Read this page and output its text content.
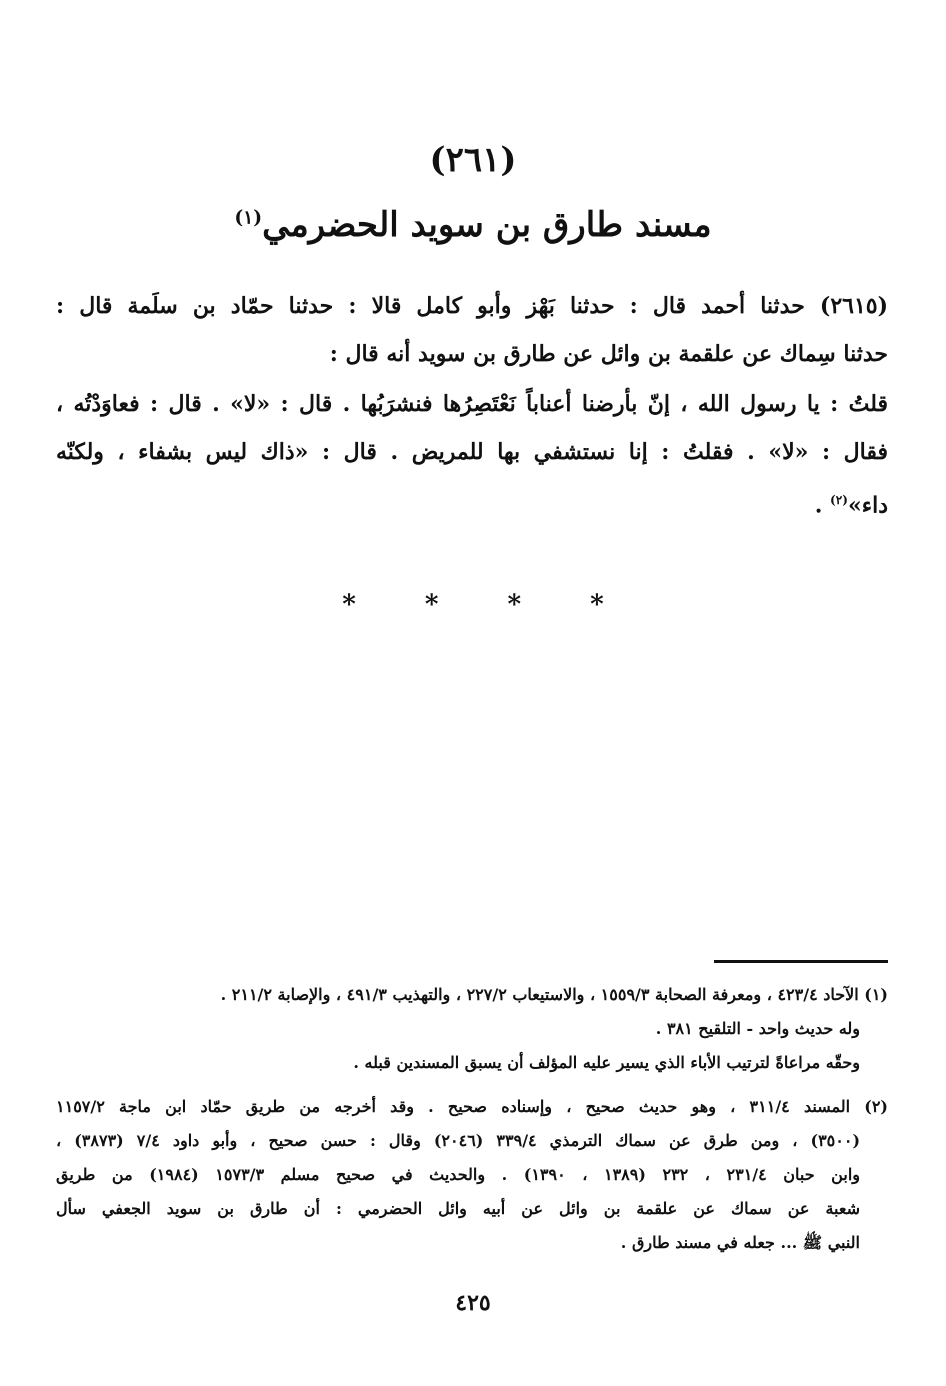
(٢٦١)
مسند طارق بن سويد الحضرمي$^{(١)}$
(٢٦١٥) حدثنا أحمد قال : حدثنا بَهْز وأبو كامل قالا : حدثنا حمّاد بن سلَمة قال :
حدثنا سِماك عن علقمة بن وائل عن طارق بن سويد أنه قال :
قلتُ : يا رسول الله ، إنّ بأرضنا أعناباً نَعْتَصِرُها فنشرَبُها . قال : «لا» . قال : فعاوَدْتُه ،
فقال : «لا» . فقلتُ : إنا نستشفي بها للمريض . قال : «ذاك ليس بشفاء ، ولكنّه
داء»$^{(٢)}$ .
* * * *
(١) الآحاد ٤٢٣/٤ ، ومعرفة الصحابة ١٥٥٩/٣ ، والاستيعاب ٢٢٧/٢ ، والتهذيب ٤٩١/٣ ، والإصابة ٢١١/٢ .
وله حديث واحد - التلقيح ٣٨١ .
وحقّه مراعاةً لترتيب الأباء الذي يسير عليه المؤلف أن يسبق المسندين قبله .
(٢) المسند ٣١١/٤ ، وهو حديث صحيح ، وإسناده صحيح . وقد أخرجه من طريق حمّاد ابن ماجة ١١٥٧/٢
(٣٥٠٠) ، ومن طرق عن سماك الترمذي ٣٣٩/٤ (٢٠٤٦) وقال : حسن صحيح ، وأبو داود ٧/٤ (٣٨٧٣) ،
وابن حبان ٢٣١/٤ ، ٢٣٢ (١٣٨٩ ، ١٣٩٠) . والحديث في صحيح مسلم ١٥٧٣/٣ (١٩٨٤) من طريق
شعبة عن سماك عن علقمة بن وائل عن أبيه وائل الحضرمي : أن طارق بن سويد الجعفي سأل
النبي ﷺ ... جعله في مسند طارق .
٤٢٥
